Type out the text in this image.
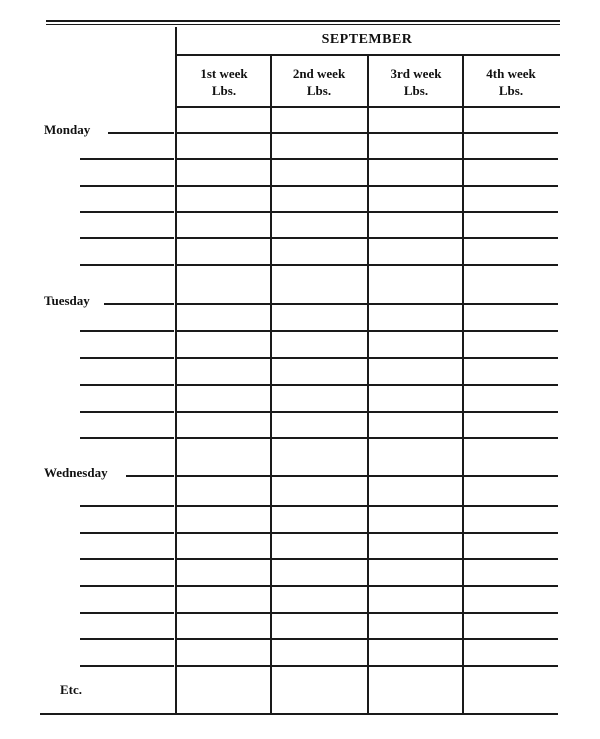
SEPTEMBER
1st week
Lbs.
2nd week
Lbs.
3rd week
Lbs.
4th week
Lbs.
Monday
Tuesday
Wednesday
Etc.
